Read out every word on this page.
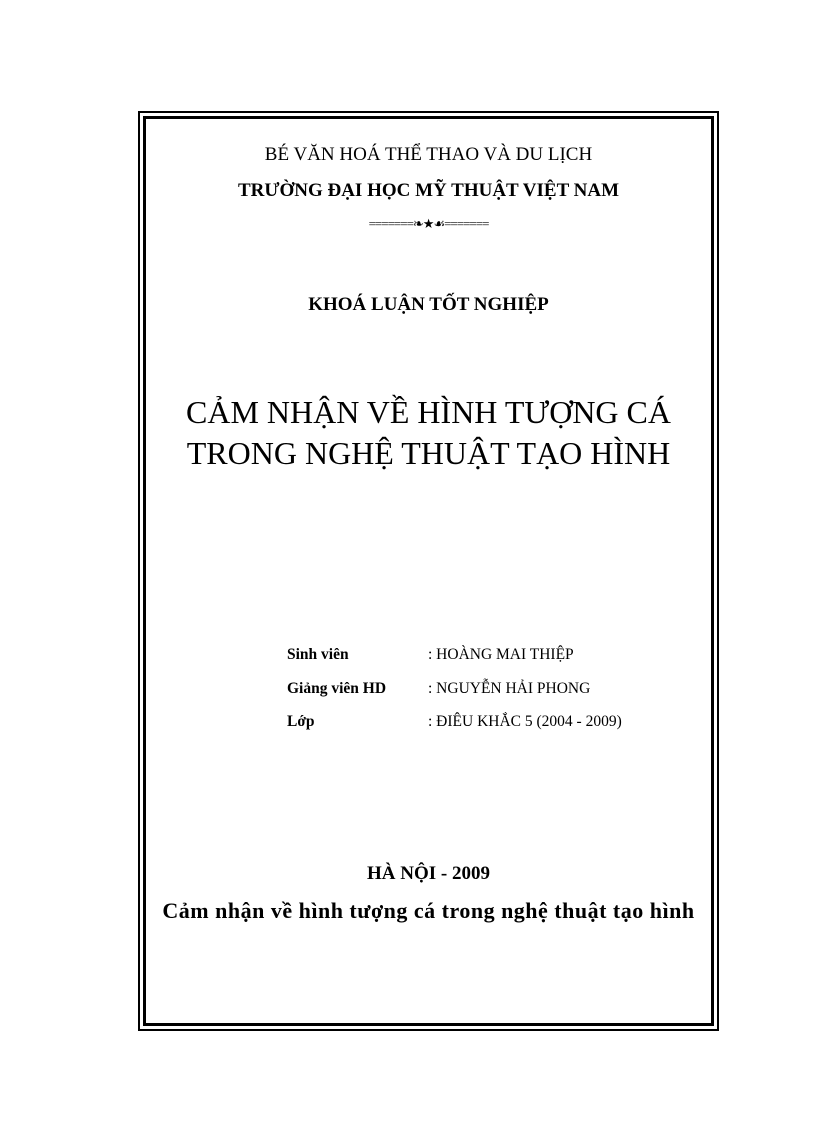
BÉ VĂN HOÁ THỂ THAO VÀ DU LỊCH
TRƯỜNG ĐẠI HỌC MỸ THUẬT VIỆT NAM
=======❧★☙=======
KHOÁ LUẬN TỐT NGHIỆP
CẢM NHẬN VỀ HÌNH TƯỢNG CÁ
TRONG NGHỆ THUẬT TẠO HÌNH
Sinh viên	: HOÀNG MAI THIỆP
Giảng viên HD	: NGUYỄN HẢI PHONG
Lớp	: ĐIÊU KHẮC 5 (2004 - 2009)
HÀ NỘI - 2009
Cảm nhận về hình tượng cá trong nghệ thuật tạo hình
